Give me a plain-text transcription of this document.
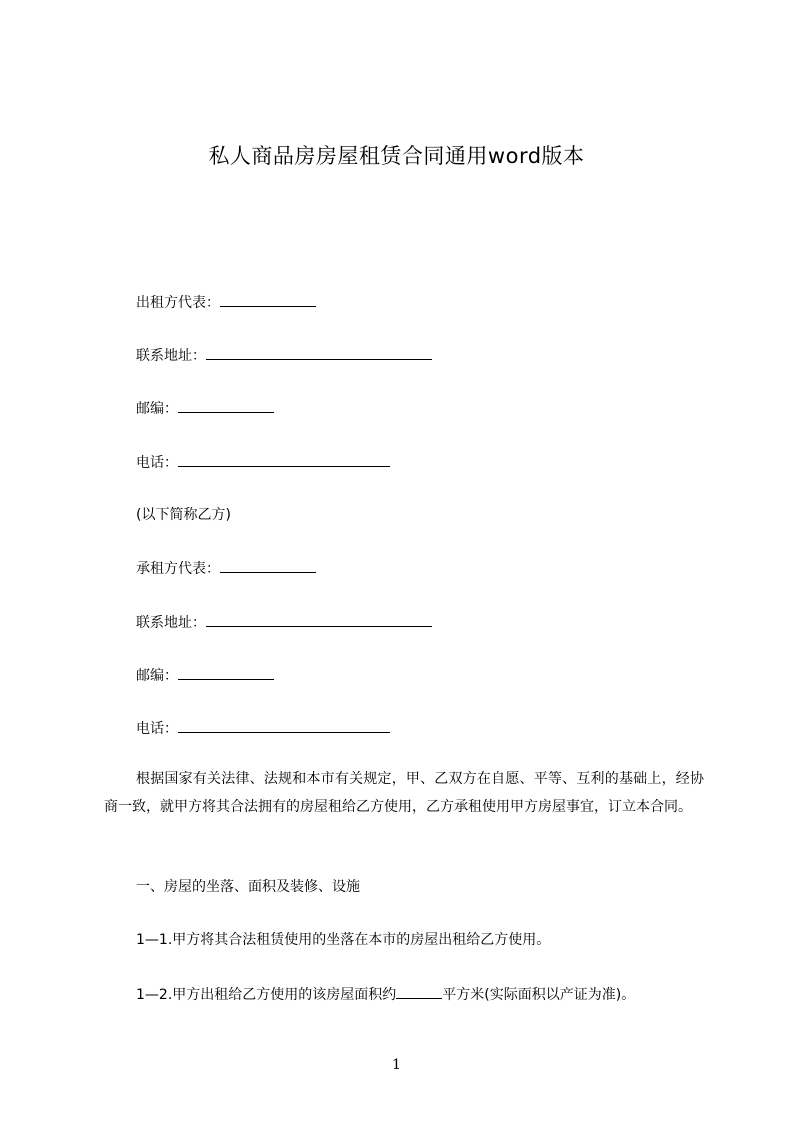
私人商品房房屋租赁合同通用word版本
出租方代表：
联系地址：
邮编：
电话：
(以下简称乙方)
承租方代表：
联系地址：
邮编：
电话：
根据国家有关法律、法规和本市有关规定，甲、乙双方在自愿、平等、互利的基础上，经协商一致，就甲方将其合法拥有的房屋租给乙方使用，乙方承租使用甲方房屋事宜，订立本合同。
一、房屋的坐落、面积及装修、设施
1—1.甲方将其合法租赁使用的坐落在本市的房屋出租给乙方使用。
1—2.甲方出租给乙方使用的该房屋面积约	平方米(实际面积以产证为准)。
1
